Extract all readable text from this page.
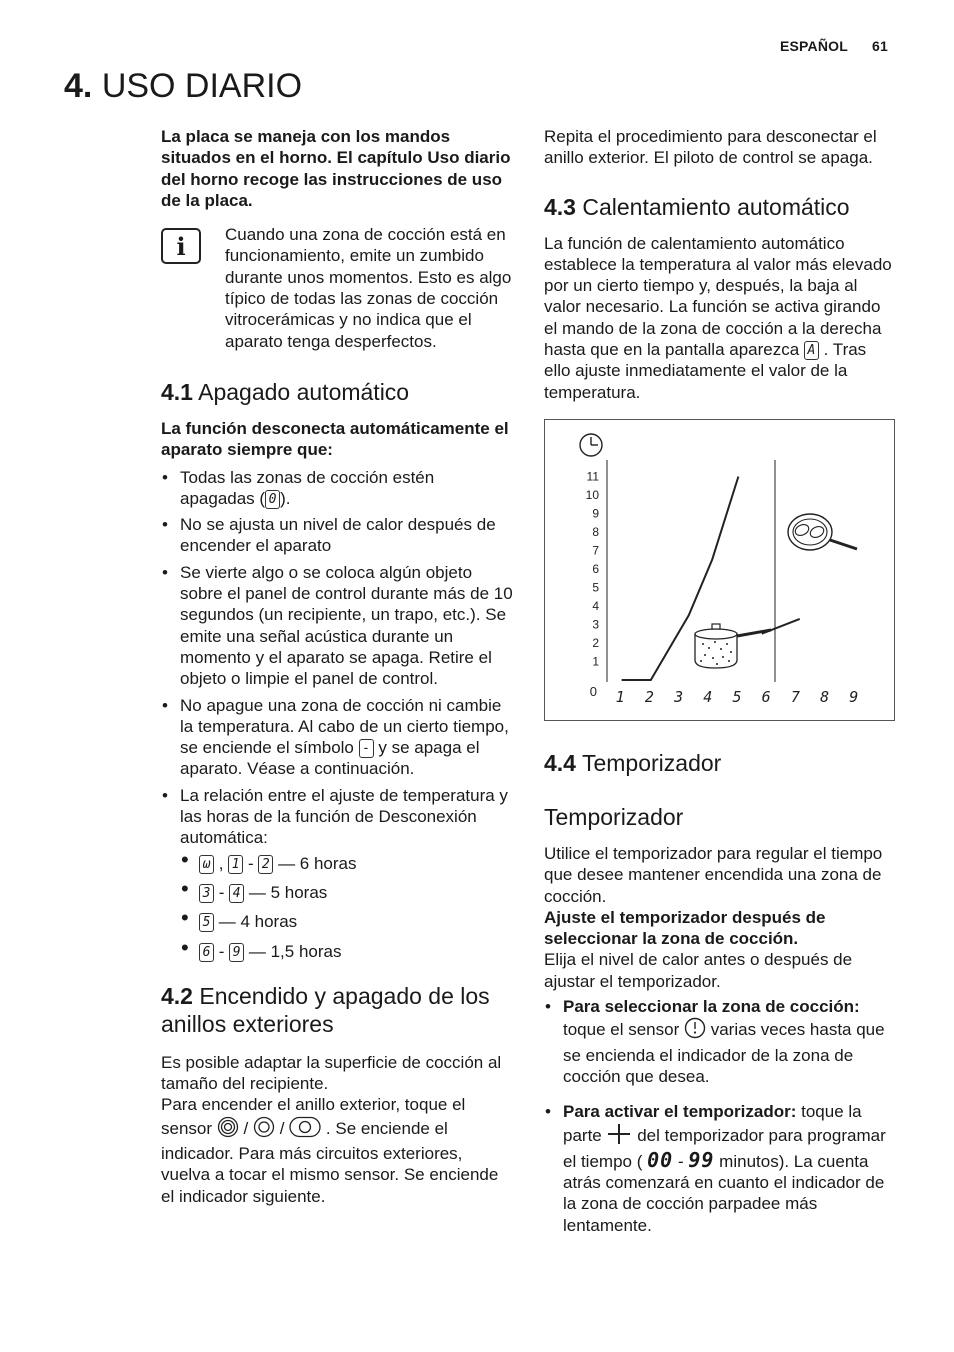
ESPAÑOL 61
4. USO DIARIO

La placa se maneja con los mandos situados en el horno. El capítulo Uso diario del horno recoge las instrucciones de uso de la placa.

i	Cuando una zona de cocción está en funcionamiento, emite un zumbido durante unos momentos. Esto es algo típico de todas las zonas de cocción vitrocerámicas y no indica que el aparato tenga desperfectos.

4.1 Apagado automático

La función desconecta automáticamente el aparato siempre que:

• Todas las zonas de cocción estén apagadas ( 0 ).
• No se ajusta un nivel de calor después de encender el aparato
• Se vierte algo o se coloca algún objeto sobre el panel de control durante más de 10 segundos (un recipiente, un trapo, etc.). Se emite una señal acústica durante un momento y el aparato se apaga. Retire el objeto o limpie el panel de control.
• No apague una zona de cocción ni cambie la temperatura. Al cabo de un cierto tiempo, se enciende el símbolo - y se apaga el aparato. Véase a continuación.
• La relación entre el ajuste de temperatura y las horas de la función de Desconexión automática:
• ω , 1 - 2 — 6 horas
• 3 - 4 — 5 horas
• 5 — 4 horas
• 6 - 9 — 1,5 horas
4.2 Encendido y apagado de los anillos exteriores

Es posible adaptar la superficie de cocción al tamaño del recipiente.

Para encender el anillo exterior, toque el sensor / / . Se enciende el indicador. Para más circuitos exteriores, vuelva a tocar el mismo sensor. Se enciende el indicador siguiente.

Repita el procedimiento para desconectar el anillo exterior. El piloto de control se apaga.

4.3 Calentamiento automático

La función de calentamiento automático establece la temperatura al valor más elevado por un cierto tiempo y, después, la baja al valor necesario. La función se activa girando el mando de la zona de cocción a la derecha hasta que en la pantalla aparezca A . Tras ello ajuste inmediatamente el valor de la temperatura.

0
1
2
3
4
5
6
7
8
9
10
11
1 2 3 4 5 6 7 8 9
4.4 Temporizador
Temporizador

Utilice el temporizador para regular el tiempo que desee mantener encendida una zona de cocción.

Ajuste el temporizador después de seleccionar la zona de cocción.

Elija el nivel de calor antes o después de ajustar el temporizador.

• Para seleccionar la zona de cocción: toque el sensor varias veces hasta que se encienda el indicador de la zona de cocción que desea.
• Para activar el temporizador: toque la parte del temporizador para programar el tiempo ( 00 - 99 minutos). La cuenta atrás comenzará en cuanto el indicador de la zona de cocción parpadee más lentamente.
